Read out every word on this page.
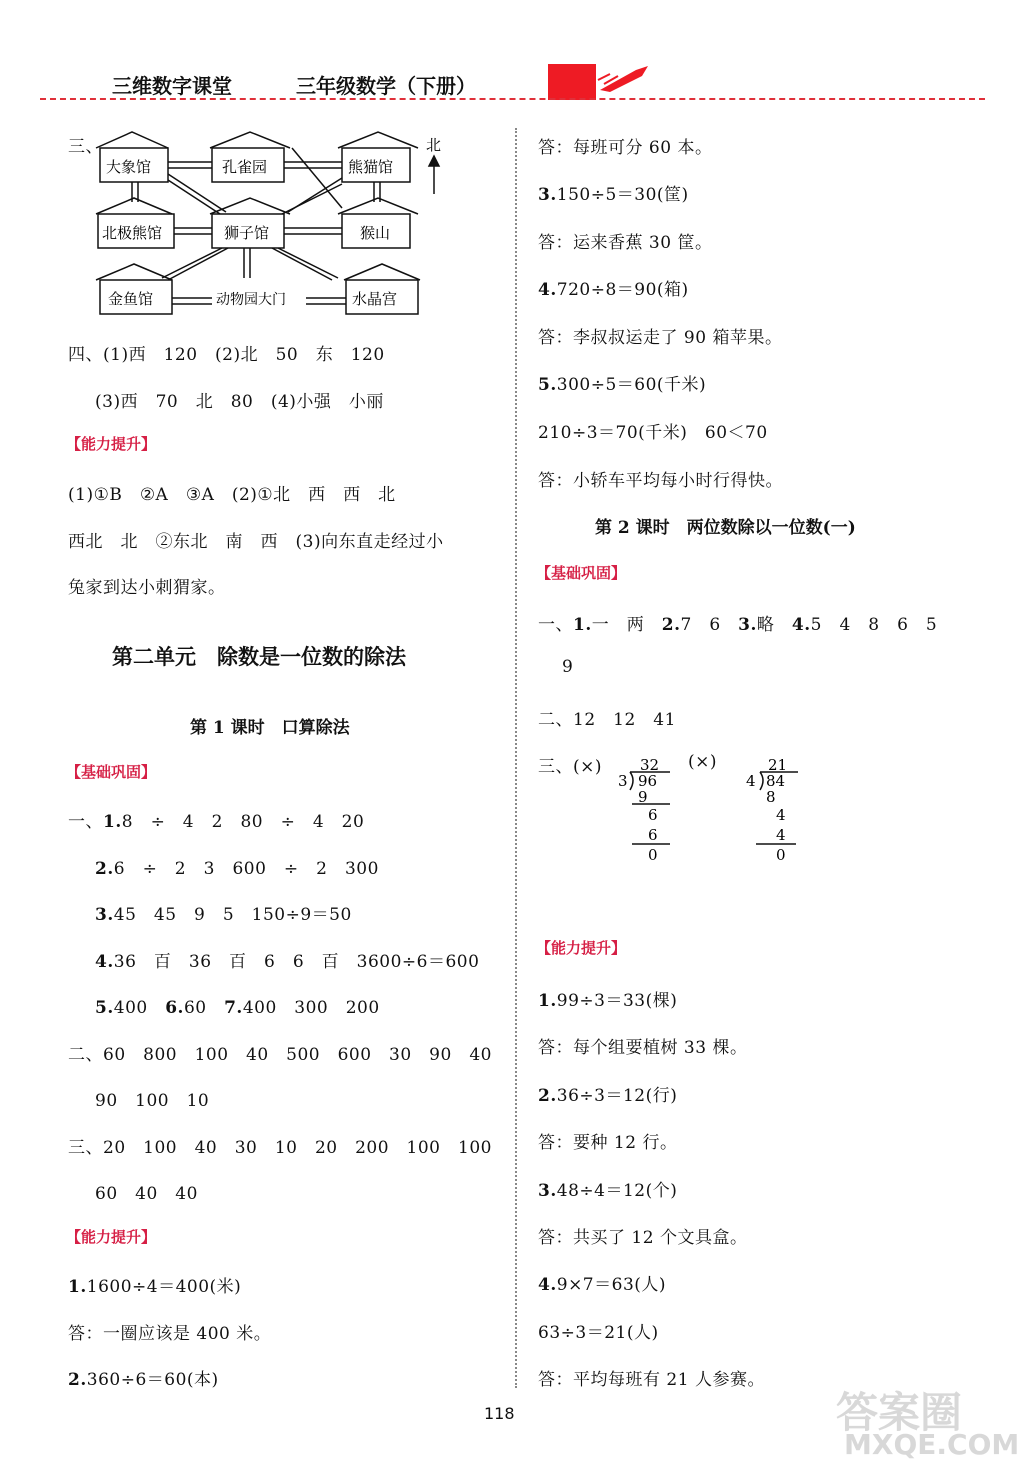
三维数字课堂	三年级数学（下册）
三、
大象馆	孔雀园	熊猫馆
北极熊馆	狮子馆	猴山
金鱼馆	动物园大门	水晶宫
北
四、(1)西　120　(2)北　50　东　120
(3)西　70　北　80　(4)小强　小丽
【能力提升】
(1)①B　②A　③A　(2)①北　西　西　北
西北　北　②东北　南　西　(3)向东直走经过小
兔家到达小刺猬家。
第二单元　除数是一位数的除法
第 1 课时　口算除法
【基础巩固】
一、1.8　÷　4　2　80　÷　4　20
2.6　÷　2　3　600　÷　2　300
3.45　45　9　5　150÷9＝50
4.36　百　36　百　6　6　百　3600÷6＝600
5.400　 6.60　 7.400　300　200
二、60　800　100　40　500　600　30　90　40
90　100　10
三、20　100　40　30　10　20　200　100　100
60　40　40
【能力提升】
1.1600÷4＝400(米)
答：一圈应该是 400 米。
2.360÷6＝60(本)
答：每班可分 60 本。
3.150÷5＝30(筐)
答：运来香蕉 30 筐。
4.720÷8＝90(箱)
答：李叔叔运走了 90 箱苹果。
5.300÷5＝60(千米)
210÷3＝70(千米)　60＜70
答：小轿车平均每小时行得快。
第 2 课时　两位数除以一位数(一)
【基础巩固】
一、1.一　两　 2.7　6　 3.略　 4.5　4　8　6　5
9
二、12　12　41
三、(×)	(×)
32
3 96
9
6
6
0
21
4 84
8
4
4
0
【能力提升】
1.99÷3＝33(棵)
答：每个组要植树 33 棵。
2.36÷3＝12(行)
答：要种 12 行。
3.48÷4＝12(个)
答：共买了 12 个文具盒。
4.9×7＝63(人)
63÷3＝21(人)
答：平均每班有 21 人参赛。
118	答案圈
MXQE.COM
